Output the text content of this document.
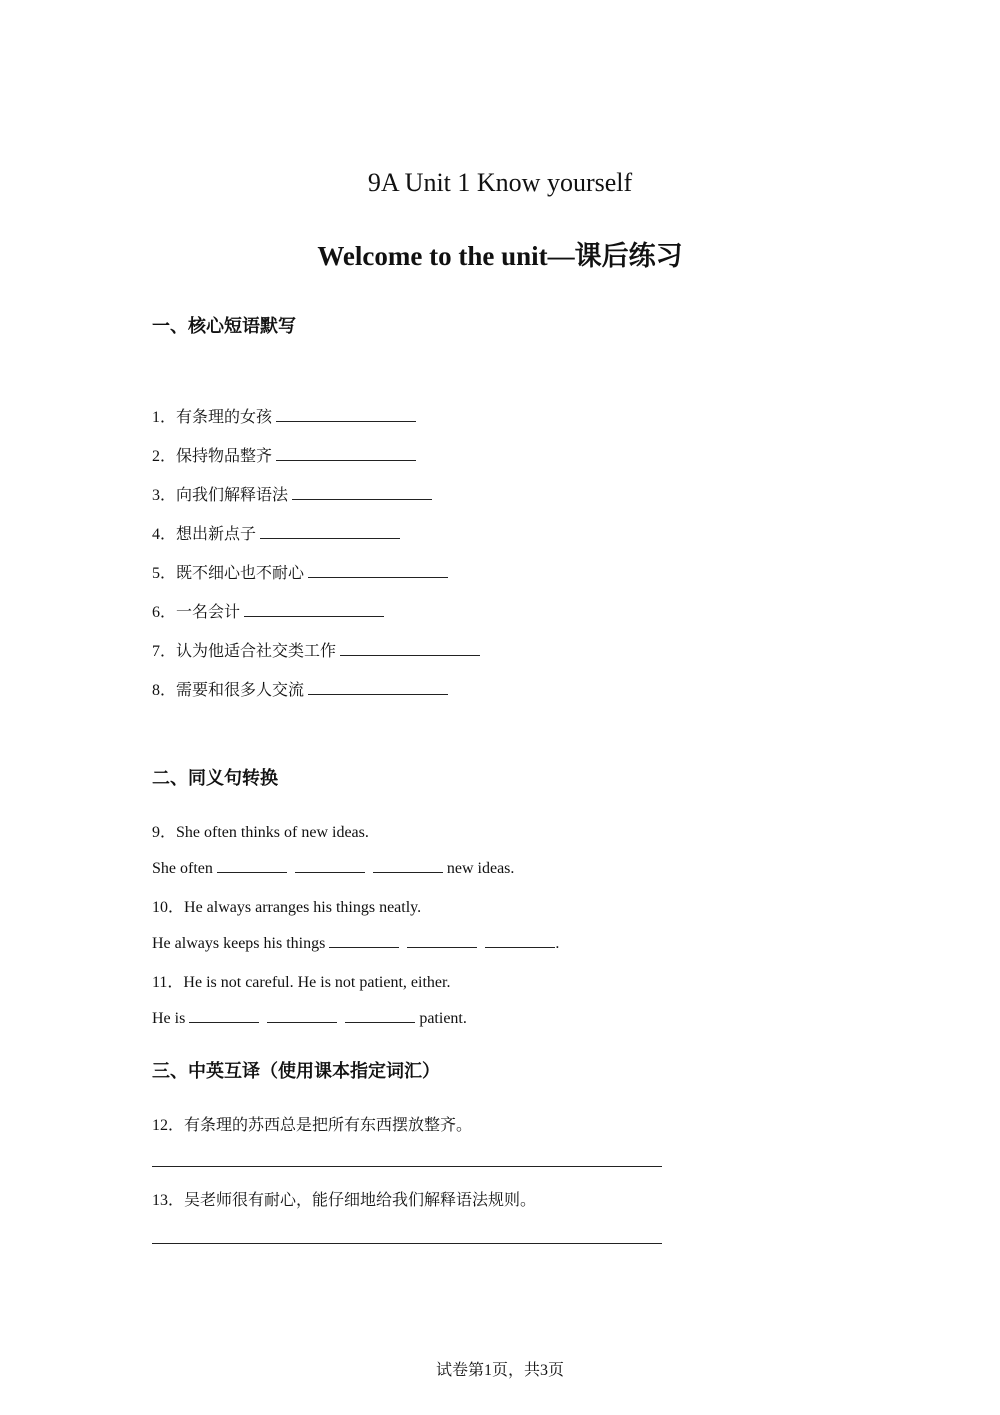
9A Unit 1 Know yourself
Welcome to the unit—课后练习
一、核心短语默写
1．有条理的女孩
2．保持物品整齐
3．向我们解释语法
4．想出新点子
5．既不细心也不耐心
6．一名会计
7．认为他适合社交类工作
8．需要和很多人交流
二、同义句转换
9．She often thinks of new ideas.
She often	new ideas.
10．He always arranges his things neatly.
He always keeps his things	.
11．He is not careful. He is not patient, either.
He is	patient.
三、中英互译（使用课本指定词汇）
12．有条理的苏西总是把所有东西摆放整齐。
13．吴老师很有耐心，能仔细地给我们解释语法规则。
试卷第1页，共3页
